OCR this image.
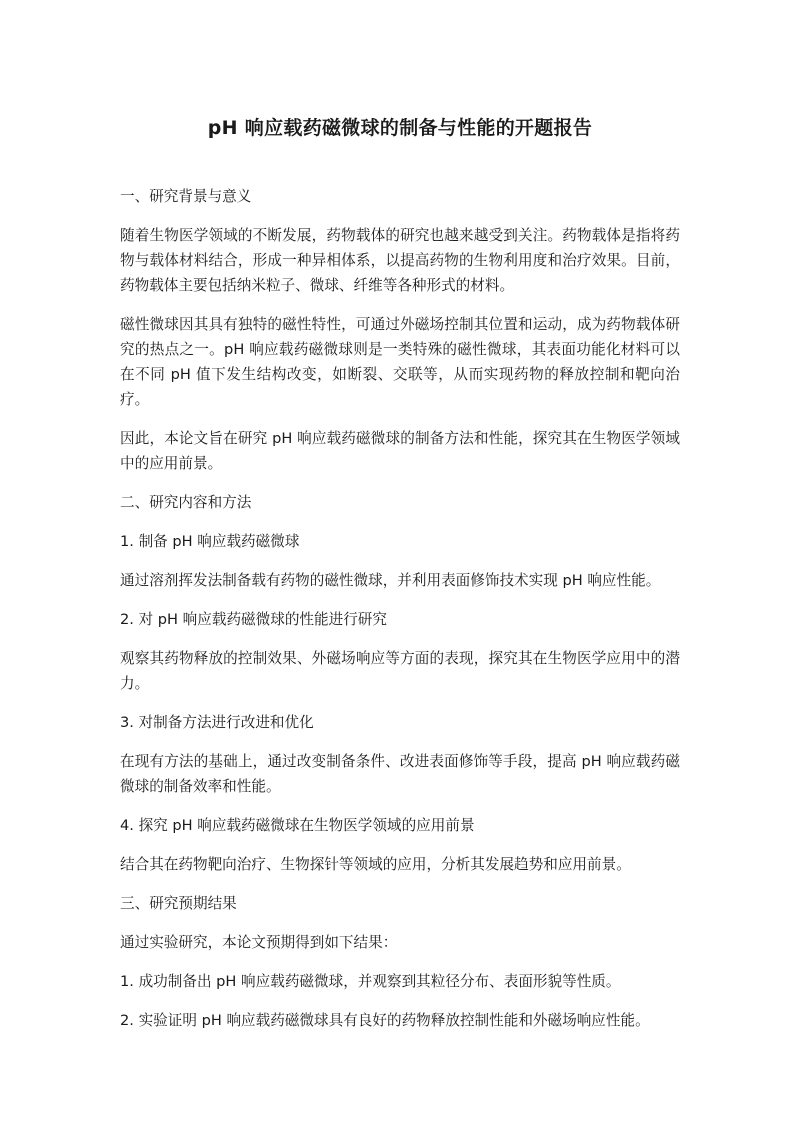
pH 响应载药磁微球的制备与性能的开题报告

一、研究背景与意义

随着生物医学领域的不断发展，药物载体的研究也越来越受到关注。药物载体是指将药物与载体材料结合，形成一种异相体系，以提高药物的生物利用度和治疗效果。目前，药物载体主要包括纳米粒子、微球、纤维等各种形式的材料。

磁性微球因其具有独特的磁性特性，可通过外磁场控制其位置和运动，成为药物载体研究的热点之一。pH 响应载药磁微球则是一类特殊的磁性微球，其表面功能化材料可以在不同 pH 值下发生结构改变，如断裂、交联等，从而实现药物的释放控制和靶向治疗。

因此，本论文旨在研究 pH 响应载药磁微球的制备方法和性能，探究其在生物医学领域中的应用前景。

二、研究内容和方法

1. 制备 pH 响应载药磁微球

通过溶剂挥发法制备载有药物的磁性微球，并利用表面修饰技术实现 pH 响应性能。

2. 对 pH 响应载药磁微球的性能进行研究

观察其药物释放的控制效果、外磁场响应等方面的表现，探究其在生物医学应用中的潜力。

3. 对制备方法进行改进和优化

在现有方法的基础上，通过改变制备条件、改进表面修饰等手段，提高 pH 响应载药磁微球的制备效率和性能。

4. 探究 pH 响应载药磁微球在生物医学领域的应用前景

结合其在药物靶向治疗、生物探针等领域的应用，分析其发展趋势和应用前景。

三、研究预期结果

通过实验研究，本论文预期得到如下结果：

1. 成功制备出 pH 响应载药磁微球，并观察到其粒径分布、表面形貌等性质。

2. 实验证明 pH 响应载药磁微球具有良好的药物释放控制性能和外磁场响应性能。
